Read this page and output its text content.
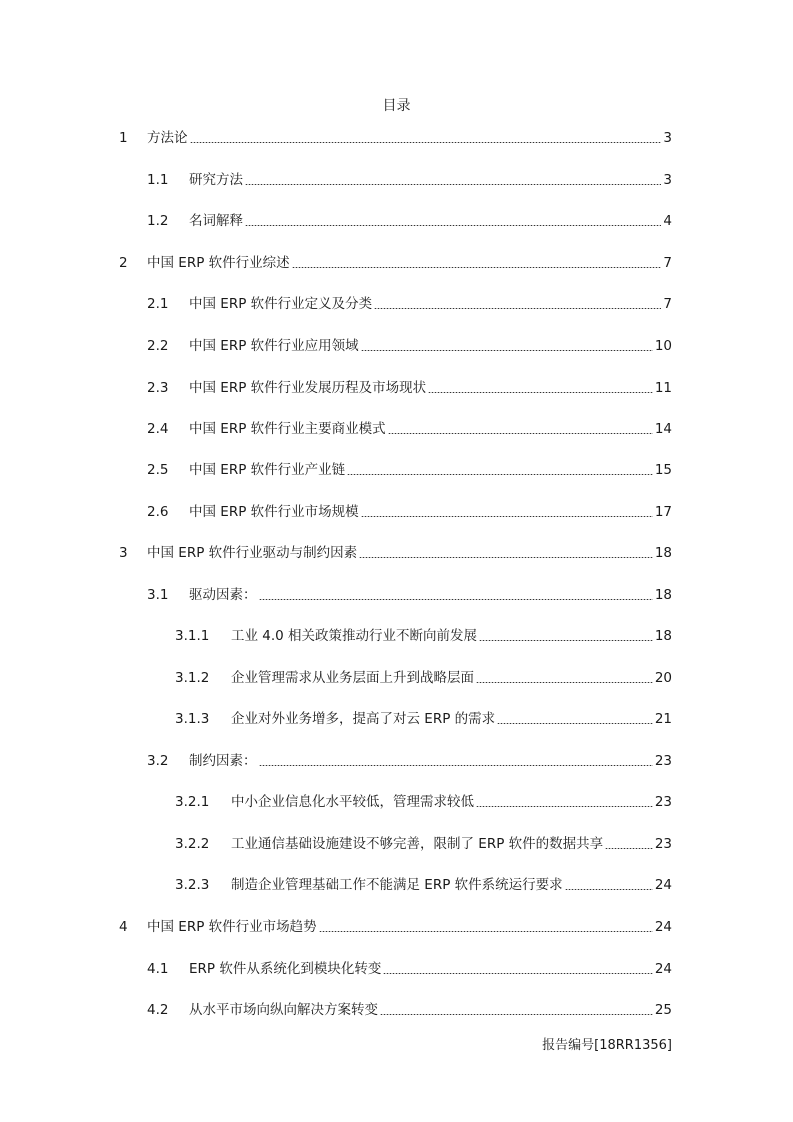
目录
1	方法论	3
1.1	研究方法	3
1.2	名词解释	4
2	中国 ERP 软件行业综述	7
2.1	中国 ERP 软件行业定义及分类	7
2.2	中国 ERP 软件行业应用领域	10
2.3	中国 ERP 软件行业发展历程及市场现状	11
2.4	中国 ERP 软件行业主要商业模式	14
2.5	中国 ERP 软件行业产业链	15
2.6	中国 ERP 软件行业市场规模	17
3	中国 ERP 软件行业驱动与制约因素	18
3.1	驱动因素：	18
3.1.1	工业 4.0 相关政策推动行业不断向前发展	18
3.1.2	企业管理需求从业务层面上升到战略层面	20
3.1.3	企业对外业务增多，提高了对云 ERP 的需求	21
3.2	制约因素：	23
3.2.1	中小企业信息化水平较低，管理需求较低	23
3.2.2	工业通信基础设施建设不够完善，限制了 ERP 软件的数据共享	23
3.2.3	制造企业管理基础工作不能满足 ERP 软件系统运行要求	24
4	中国 ERP 软件行业市场趋势	24
4.1	ERP 软件从系统化到模块化转变	24
4.2	从水平市场向纵向解决方案转变	25
报告编号[18RR1356]
